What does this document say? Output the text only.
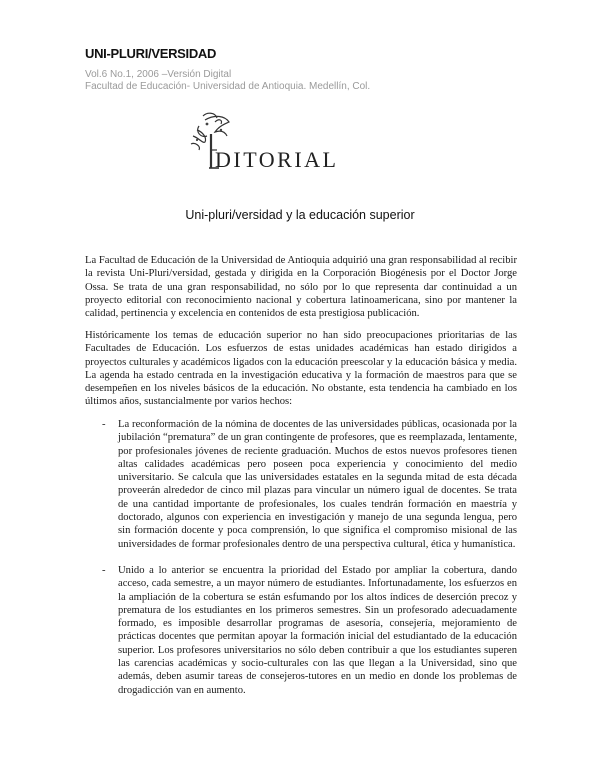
UNI-PLURI/VERSIDAD
Vol.6 No.1, 2006 –Versión Digital
Facultad de Educación- Universidad de Antioquia. Medellín, Col.
DITORIAL
Uni-pluri/versidad y la educación superior

La Facultad de Educación de la Universidad de Antioquia adquirió una gran responsabilidad al recibir la revista Uni-Pluri/versidad, gestada y dirigida en la Corporación Biogénesis por el Doctor Jorge Ossa. Se trata de una gran responsabilidad, no sólo por lo que representa dar continuidad a un proyecto editorial con reconocimiento nacional y cobertura latinoamericana, sino por mantener la calidad, pertinencia y excelencia en contenidos de esta prestigiosa publicación.

Históricamente los temas de educación superior no han sido preocupaciones prioritarias de las Facultades de Educación. Los esfuerzos de estas unidades académicas han estado dirigidos a proyectos culturales y académicos ligados con la educación preescolar y la educación básica y media. La agenda ha estado centrada en la investigación educativa y la formación de maestros para que se desempeñen en los niveles básicos de la educación. No obstante, esta tendencia ha cambiado en los últimos años, sustancialmente por varios hechos:

- La reconformación de la nómina de docentes de las universidades públicas, ocasionada por la jubilación “prematura” de un gran contingente de profesores, que es reemplazada, lentamente, por profesionales jóvenes de reciente graduación. Muchos de estos nuevos profesores tienen altas calidades académicas pero poseen poca experiencia y conocimiento del medio universitario. Se calcula que las universidades estatales en la segunda mitad de esta década proveerán alrededor de cinco mil plazas para vincular un número igual de docentes. Se trata de una cantidad importante de profesionales, los cuales tendrán formación en maestría y doctorado, algunos con experiencia en investigación y manejo de una segunda lengua, pero sin formación docente y poca comprensión, lo que significa el compromiso misional de las universidades de formar profesionales dentro de una perspectiva cultural, ética y humanística.

- Unido a lo anterior se encuentra la prioridad del Estado por ampliar la cobertura, dando acceso, cada semestre, a un mayor número de estudiantes. Infortunadamente, los esfuerzos en la ampliación de la cobertura se están esfumando por los altos índices de deserción precoz y prematura de los estudiantes en los primeros semestres. Sin un profesorado adecuadamente formado, es imposible desarrollar programas de asesoría, consejería, mejoramiento de prácticas docentes que permitan apoyar la formación inicial del estudiantado de la educación superior. Los profesores universitarios no sólo deben contribuir a que los estudiantes superen las carencias académicas y socio-culturales con las que llegan a la Universidad, sino que además, deben asumir tareas de consejeros-tutores en un medio en donde los problemas de drogadicción van en aumento.
